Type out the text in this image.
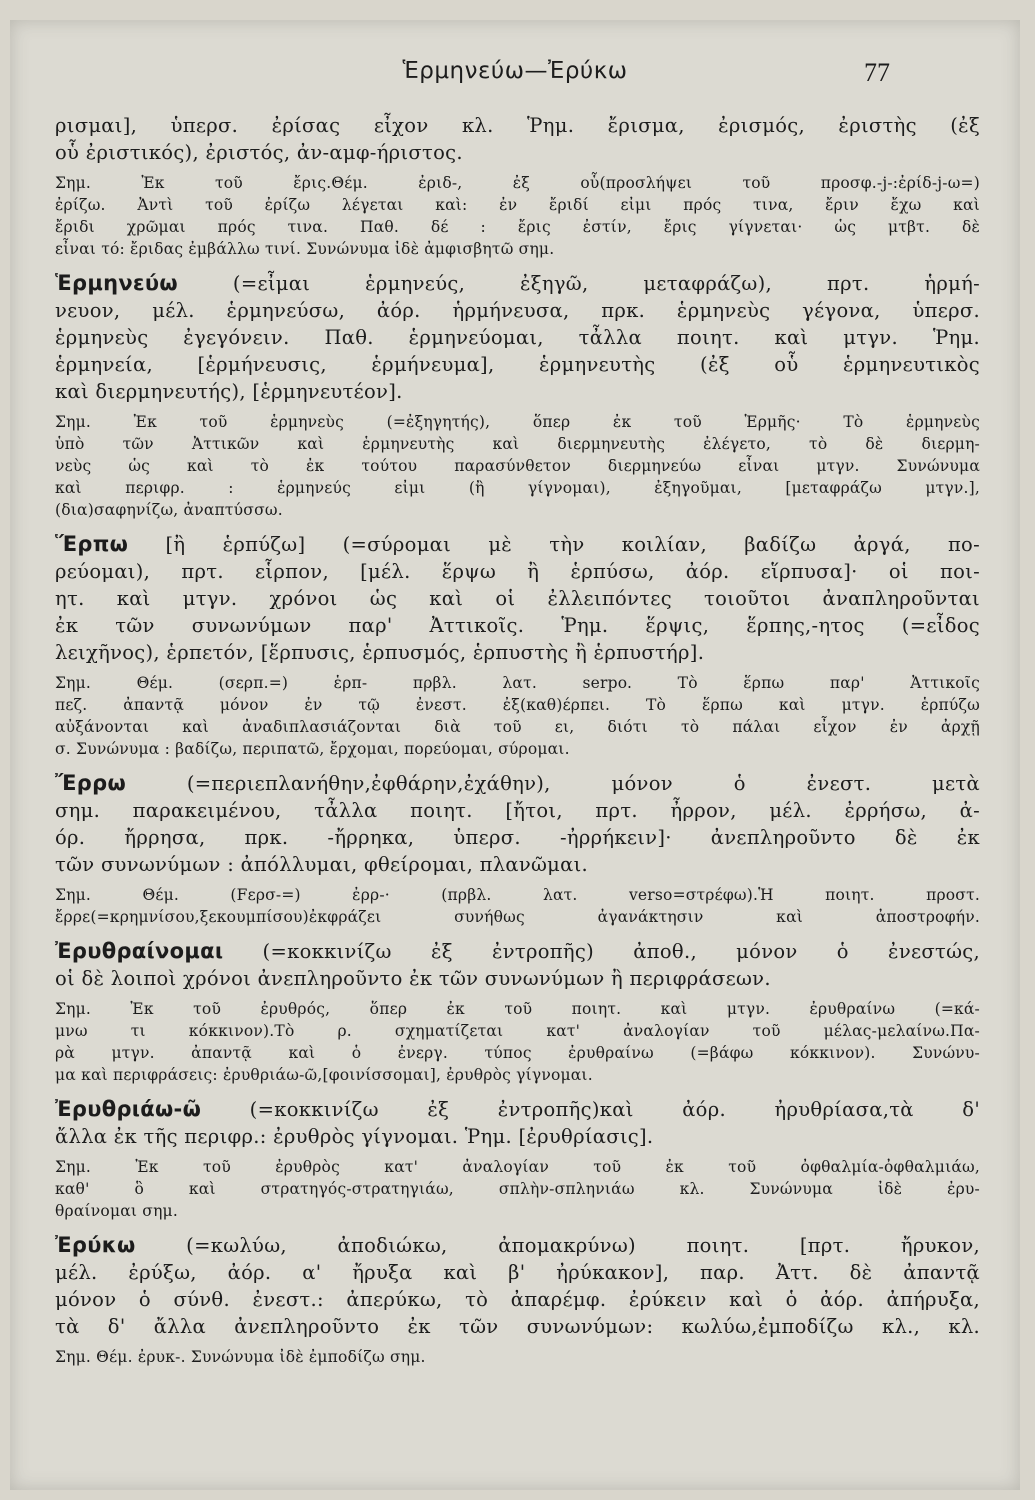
Ἑρμηνεύω—Ἐρύκω	77
ρισμαι], ὑπερσ. ἐρίσας εἶχον κλ. Ῥημ. ἔρισμα, ἐρισμός, ἐριστὴς (ἐξ
οὗ ἐριστικός), ἐριστός, ἀν-αμφ-ήριστος.
Σημ. Ἐκ τοῦ ἔρις.Θέμ. ἐριδ-, ἐξ οὗ(προσλήψει τοῦ προσφ.-j-:ἐρίδ-j-ω=)
ἐρίζω. Ἀντὶ τοῦ ἐρίζω λέγεται καὶ: ἐν ἔριδί εἰμι πρός τινα, ἔριν ἔχω καὶ
ἔριδι χρῶμαι πρός τινα. Παθ. δέ : ἔρις ἐστίν, ἔρις γίγνεται· ὡς μτβτ. δὲ
εἶναι τό: ἔριδας ἐμβάλλω τινί. Συνώνυμα ἰδὲ ἀμφισβητῶ σημ.
Ἑρμηνεύω (=εἶμαι ἑρμηνεύς, ἐξηγῶ, μεταφράζω), πρτ. ἡρμή-
νευον, μέλ. ἑρμηνεύσω, ἀόρ. ἡρμήνευσα, πρκ. ἑρμηνεὺς γέγονα, ὑπερσ.
ἑρμηνεὺς ἐγεγόνειν. Παθ. ἑρμηνεύομαι, τἆλλα ποιητ. καὶ μτγν. Ῥημ.
ἑρμηνεία, [ἑρμήνευσις, ἑρμήνευμα], ἑρμηνευτὴς (ἐξ οὗ ἑρμηνευτικὸς
καὶ διερμηνευτής), [ἑρμηνευτέον].
Σημ. Ἐκ τοῦ ἑρμηνεὺς (=ἐξηγητής), ὅπερ ἐκ τοῦ Ἑρμῆς· Τὸ ἑρμηνεὺς
ὑπὸ τῶν Ἀττικῶν καὶ ἑρμηνευτὴς καὶ διερμηνευτὴς ἐλέγετο, τὸ δὲ διερμη-
νεὺς ὡς καὶ τὸ ἐκ τούτου παρασύνθετον διερμηνεύω εἶναι μτγν. Συνώνυμα
καὶ περιφρ. : ἑρμηνεύς εἰμι (ἢ γίγνομαι), ἐξηγοῦμαι, [μεταφράζω μτγν.],
(δια)σαφηνίζω, ἀναπτύσσω.
Ἕρπω [ἢ ἑρπύζω] (=σύρομαι μὲ τὴν κοιλίαν, βαδίζω ἀργά, πο-
ρεύομαι), πρτ. εἷρπον, [μέλ. ἕρψω ἢ ἑρπύσω, ἀόρ. εἵρπυσα]· οἱ ποι-
ητ. καὶ μτγν. χρόνοι ὡς καὶ οἱ ἐλλειπόντες τοιοῦτοι ἀναπληροῦνται
ἐκ τῶν συνωνύμων παρ' Ἀττικοῖς. Ῥημ. ἕρψις, ἕρπης,-ητος (=εἶδος
λειχῆνος), ἑρπετόν, [ἕρπυσις, ἑρπυσμός, ἑρπυστὴς ἢ ἑρπυστήρ].
Σημ. Θέμ. (σερπ.=) ἑρπ- πρβλ. λατ. serpo. Τὸ ἕρπω παρ' Ἀττικοῖς
πεζ. ἀπαντᾷ μόνον ἐν τῷ ἐνεστ. ἐξ(καθ)έρπει. Τὸ ἕρπω καὶ μτγν. ἑρπύζω
αὐξάνονται καὶ ἀναδιπλασιάζονται διὰ τοῦ ει, διότι τὸ πάλαι εἶχον ἐν ἀρχῇ
σ. Συνώνυμα : βαδίζω, περιπατῶ, ἔρχομαι, πορεύομαι, σύρομαι.
Ἔρρω (=περιεπλανήθην,ἐφθάρην,ἐχάθην), μόνον ὁ ἐνεστ. μετὰ
σημ. παρακειμένου, τἆλλα ποιητ. [ἤτοι, πρτ. ἦρρον, μέλ. ἐρρήσω, ἀ-
όρ. ἤρρησα, πρκ. -ἤρρηκα, ὑπερσ. -ἠρρήκειν]· ἀνεπληροῦντο δὲ ἐκ
τῶν συνωνύμων : ἀπόλλυμαι, φθείρομαι, πλανῶμαι.
Σημ. Θέμ. (Fερσ-=) ἐρρ-· (πρβλ. λατ. verso=στρέφω).Ἡ ποιητ. προστ.
ἔρρε(=κρημνίσου,ξεκουμπίσου)ἐκφράζει συνήθως ἀγανάκτησιν καὶ ἀποστροφήν.
Ἐρυθραίνομαι (=κοκκινίζω ἐξ ἐντροπῆς) ἀποθ., μόνον ὁ ἐνεστώς,
οἱ δὲ λοιποὶ χρόνοι ἀνεπληροῦντο ἐκ τῶν συνωνύμων ἢ περιφράσεων.
Σημ. Ἐκ τοῦ ἐρυθρός, ὅπερ ἐκ τοῦ ποιητ. καὶ μτγν. ἐρυθραίνω (=κά-
μνω τι κόκκινον).Τὸ ρ. σχηματίζεται κατ' ἀναλογίαν τοῦ μέλας-μελαίνω.Πα-
ρὰ μτγν. ἀπαντᾷ καὶ ὁ ἐνεργ. τύπος ἐρυθραίνω (=βάφω κόκκινον). Συνώνυ-
μα καὶ περιφράσεις: ἐρυθριάω-ῶ,[φοινίσσομαι], ἐρυθρὸς γίγνομαι.
Ἐρυθριάω-ῶ (=κοκκινίζω ἐξ ἐντροπῆς)καὶ ἀόρ. ἠρυθρίασα,τὰ δ'
ἄλλα ἐκ τῆς περιφρ.: ἐρυθρὸς γίγνομαι. Ῥημ. [ἐρυθρίασις].
Σημ. Ἐκ τοῦ ἐρυθρὸς κατ' ἀναλογίαν τοῦ ἐκ τοῦ ὀφθαλμία-ὀφθαλμιάω,
καθ' ὃ καὶ στρατηγός-στρατηγιάω, σπλὴν-σπληνιάω κλ. Συνώνυμα ἰδὲ ἐρυ-
θραίνομαι σημ.
Ἐρύκω (=κωλύω, ἀποδιώκω, ἀπομακρύνω) ποιητ. [πρτ. ἤρυκον,
μέλ. ἐρύξω, ἀόρ. α' ἤρυξα καὶ β' ἠρύκακον], παρ. Ἀττ. δὲ ἀπαντᾷ
μόνον ὁ σύνθ. ἐνεστ.: ἀπερύκω, τὸ ἀπαρέμφ. ἐρύκειν καὶ ὁ ἀόρ. ἀπήρυξα,
τὰ δ' ἄλλα ἀνεπληροῦντο ἐκ τῶν συνωνύμων: κωλύω,ἐμποδίζω κλ., κλ.
Σημ. Θέμ. ἐρυκ-. Συνώνυμα ἰδὲ ἐμποδίζω σημ.
